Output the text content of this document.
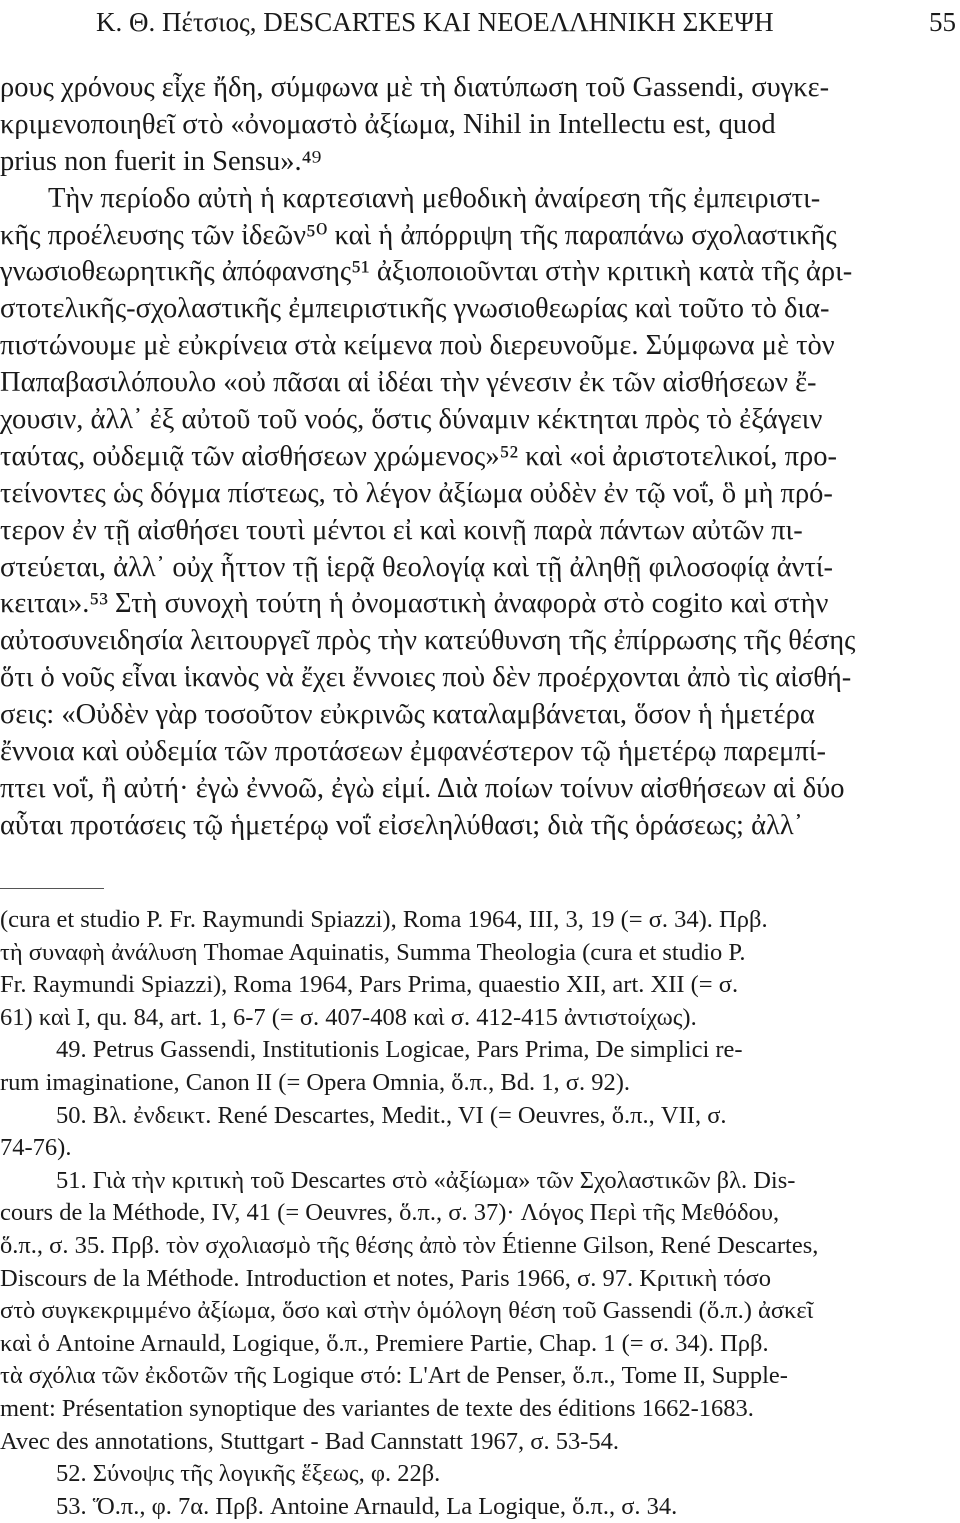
Κ. Θ. Πέτσιος, DESCARTES ΚΑΙ ΝΕΟΕΛΛΗΝΙΚΗ ΣΚΕΨΗ	55
ρους χρόνους εἶχε ἤδη, σύμφωνα μὲ τὴ διατύπωση τοῦ Gassendi, συγκε-
κριμενοποιηθεῖ στὸ «ὀνομαστὸ ἀξίωμα, Nihil in Intellectu est, quod
prius non fuerit in Sensu».⁴⁹
Τὴν περίοδο αὐτὴ ἡ καρτεσιανὴ μεθοδικὴ ἀναίρεση τῆς ἐμπειριστι-
κῆς προέλευσης τῶν ἰδεῶν⁵⁰ καὶ ἡ ἀπόρριψη τῆς παραπάνω σχολαστικῆς
γνωσιοθεωρητικῆς ἀπόφανσης⁵¹ ἀξιοποιοῦνται στὴν κριτικὴ κατὰ τῆς ἀρι-
στοτελικῆς-σχολαστικῆς ἐμπειριστικῆς γνωσιοθεωρίας καὶ τοῦτο τὸ δια-
πιστώνουμε μὲ εὐκρίνεια στὰ κείμενα ποὺ διερευνοῦμε. Σύμφωνα μὲ τὸν
Παπαβασιλόπουλο «οὐ πᾶσαι αἱ ἰδέαι τὴν γένεσιν ἐκ τῶν αἰσθήσεων ἔ-
χουσιν, ἀλλ᾽ ἐξ αὐτοῦ τοῦ νοός, ὅστις δύναμιν κέκτηται πρὸς τὸ ἐξάγειν
ταύτας, οὐδεμιᾷ τῶν αἰσθήσεων χρώμενος»⁵² καὶ «οἱ ἀριστοτελικοί, προ-
τείνοντες ὡς δόγμα πίστεως, τὸ λέγον ἀξίωμα οὐδὲν ἐν τῷ νοΐ, ὃ μὴ πρό-
τερον ἐν τῇ αἰσθήσει τουτὶ μέντοι εἰ καὶ κοινῇ παρὰ πάντων αὐτῶν πι-
στεύεται, ἀλλ᾽ οὐχ ἧττον τῇ ἱερᾷ θεολογίᾳ καὶ τῇ ἀληθῇ φιλοσοφίᾳ ἀντί-
κειται».⁵³ Στὴ συνοχὴ τούτη ἡ ὀνομαστικὴ ἀναφορὰ στὸ cogito καὶ στὴν
αὐτοσυνειδησία λειτουργεῖ πρὸς τὴν κατεύθυνση τῆς ἐπίρρωσης τῆς θέσης
ὅτι ὁ νοῦς εἶναι ἱκανὸς νὰ ἔχει ἔννοιες ποὺ δὲν προέρχονται ἀπὸ τὶς αἰσθή-
σεις: «Οὐδὲν γὰρ τοσοῦτον εὐκρινῶς καταλαμβάνεται, ὅσον ἡ ἡμετέρα
ἔννοια καὶ οὐδεμία τῶν προτάσεων ἐμφανέστερον τῷ ἡμετέρῳ παρεμπί-
πτει νοΐ, ἢ αὐτή· ἐγὼ ἐννοῶ, ἐγὼ εἰμί. Διὰ ποίων τοίνυν αἰσθήσεων αἱ δύο
αὗται προτάσεις τῷ ἡμετέρῳ νοΐ εἰσεληλύθασι; διὰ τῆς ὁράσεως; ἀλλ᾽
(cura et studio P. Fr. Raymundi Spiazzi), Roma 1964, III, 3, 19 (= σ. 34). Πρβ.
τὴ συναφὴ ἀνάλυση Thomae Aquinatis, Summa Theologia (cura et studio P.
Fr. Raymundi Spiazzi), Roma 1964, Pars Prima, quaestio XII, art. XII (= σ.
61) καὶ I, qu. 84, art. 1, 6-7 (= σ. 407-408 καὶ σ. 412-415 ἀντιστοίχως).
49. Petrus Gassendi, Institutionis Logicae, Pars Prima, De simplici re-
rum imaginatione, Canon II (= Opera Omnia, ὅ.π., Bd. 1, σ. 92).
50. Βλ. ἐνδεικτ. René Descartes, Medit., VI (= Oeuvres, ὅ.π., VII, σ.
74-76).
51. Γιὰ τὴν κριτικὴ τοῦ Descartes στὸ «ἀξίωμα» τῶν Σχολαστικῶν βλ. Dis-
cours de la Méthode, IV, 41 (= Oeuvres, ὅ.π., σ. 37)· Λόγος Περὶ τῆς Μεθόδου,
ὅ.π., σ. 35. Πρβ. τὸν σχολιασμὸ τῆς θέσης ἀπὸ τὸν Étienne Gilson, René Descartes,
Discours de la Méthode. Introduction et notes, Paris 1966, σ. 97. Κριτικὴ τόσο
στὸ συγκεκριμμένο ἀξίωμα, ὅσο καὶ στὴν ὁμόλογη θέση τοῦ Gassendi (ὅ.π.) ἀσκεῖ
καὶ ὁ Antoine Arnauld, Logique, ὅ.π., Premiere Partie, Chap. 1 (= σ. 34). Πρβ.
τὰ σχόλια τῶν ἐκδοτῶν τῆς Logique στό: L'Art de Penser, ὅ.π., Tome II, Supple-
ment: Présentation synoptique des variantes de texte des éditions 1662-1683.
Avec des annotations, Stuttgart - Bad Cannstatt 1967, σ. 53-54.
52. Σύνοψις τῆς λογικῆς ἕξεως, φ. 22β.
53. Ὅ.π., φ. 7α. Πρβ. Antoine Arnauld, La Logique, ὅ.π., σ. 34.
